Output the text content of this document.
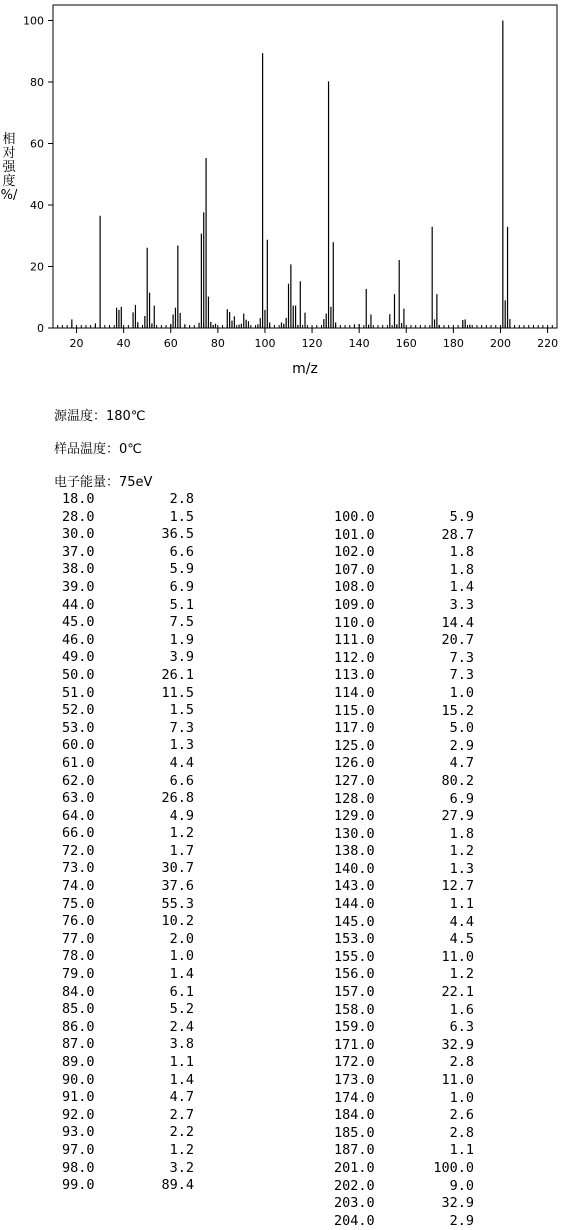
20	40	60	80	100 120 140 160 180 200 220
0
20
40
60
80
100
m/z
相
对
强
度
%/
源温度：180℃
样品温度：0℃
电子能量：75eV
18.0	2.8
28.0	1.5
30.0	36.5
37.0	6.6
38.0	5.9
39.0	6.9
44.0	5.1
45.0	7.5
46.0	1.9
49.0	3.9
50.0	26.1
51.0	11.5
52.0	1.5
53.0	7.3
60.0	1.3
61.0	4.4
62.0	6.6
63.0	26.8
64.0	4.9
66.0	1.2
72.0	1.7
73.0	30.7
74.0	37.6
75.0	55.3
76.0	10.2
77.0	2.0
78.0	1.0
79.0	1.4
84.0	6.1
85.0	5.2
86.0	2.4
87.0	3.8
89.0	1.1
90.0	1.4
91.0	4.7
92.0	2.7
93.0	2.2
97.0	1.2
98.0	3.2
99.0	89.4
100.0	5.9
101.0	28.7
102.0	1.8
107.0	1.8
108.0	1.4
109.0	3.3
110.0	14.4
111.0	20.7
112.0	7.3
113.0	7.3
114.0	1.0
115.0	15.2
117.0	5.0
125.0	2.9
126.0	4.7
127.0	80.2
128.0	6.9
129.0	27.9
130.0	1.8
138.0	1.2
140.0	1.3
143.0	12.7
144.0	1.1
145.0	4.4
153.0	4.5
155.0	11.0
156.0	1.2
157.0	22.1
158.0	1.6
159.0	6.3
171.0	32.9
172.0	2.8
173.0	11.0
174.0	1.0
184.0	2.6
185.0	2.8
187.0	1.1
201.0	100.0
202.0	9.0
203.0	32.9
204.0	2.9
